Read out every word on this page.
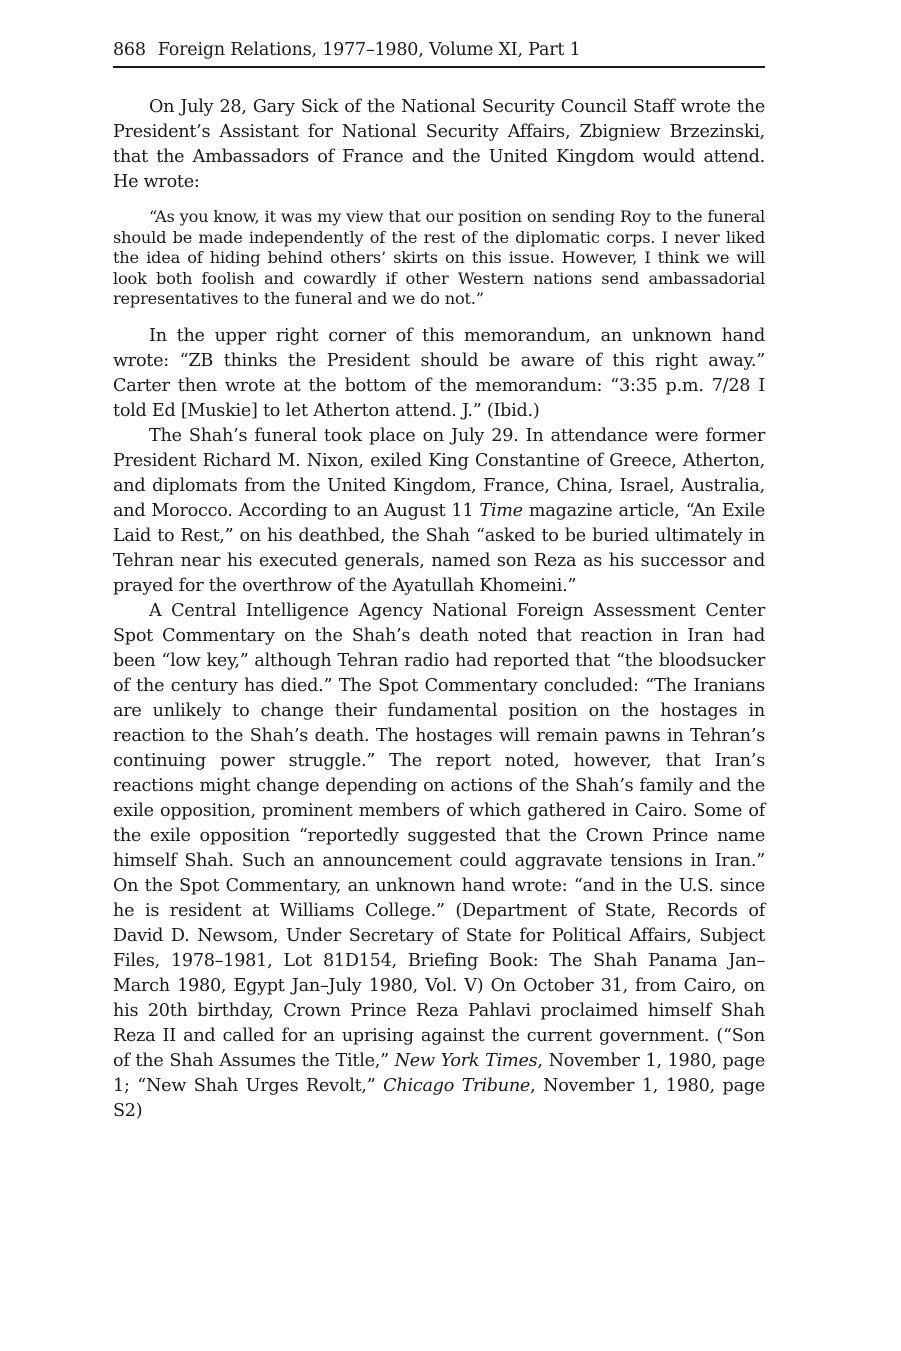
868 Foreign Relations, 1977–1980, Volume XI, Part 1

On July 28, Gary Sick of the National Security Council Staff wrote the President’s Assistant for National Security Affairs, Zbigniew Brzezinski, that the Ambassadors of France and the United Kingdom would attend. He wrote:

“As you know, it was my view that our position on sending Roy to the funeral should be made independently of the rest of the diplomatic corps. I never liked the idea of hiding behind others’ skirts on this issue. However, I think we will look both foolish and cowardly if other Western nations send ambassadorial representatives to the funeral and we do not.”

In the upper right corner of this memorandum, an unknown hand wrote: “ZB thinks the President should be aware of this right away.” Carter then wrote at the bottom of the memorandum: “3:35 p.m. 7/28 I told Ed [Muskie] to let Atherton attend. J.” (Ibid.)

The Shah’s funeral took place on July 29. In attendance were former President Richard M. Nixon, exiled King Constantine of Greece, Atherton, and diplomats from the United Kingdom, France, China, Israel, Australia, and Morocco. According to an August 11 Time magazine article, “An Exile Laid to Rest,” on his deathbed, the Shah “asked to be buried ultimately in Tehran near his executed generals, named son Reza as his successor and prayed for the overthrow of the Ayatullah Khomeini.”

A Central Intelligence Agency National Foreign Assessment Center Spot Commentary on the Shah’s death noted that reaction in Iran had been “low key,” although Tehran radio had reported that “the bloodsucker of the century has died.” The Spot Commentary concluded: “The Iranians are unlikely to change their fundamental position on the hostages in reaction to the Shah’s death. The hostages will remain pawns in Tehran’s continuing power struggle.” The report noted, however, that Iran’s reactions might change depending on actions of the Shah’s family and the exile opposition, prominent members of which gathered in Cairo. Some of the exile opposition “reportedly suggested that the Crown Prince name himself Shah. Such an announcement could aggravate tensions in Iran.” On the Spot Commentary, an unknown hand wrote: “and in the U.S. since he is resident at Williams College.” (Department of State, Records of David D. Newsom, Under Secretary of State for Political Affairs, Subject Files, 1978–1981, Lot 81D154, Briefing Book: The Shah Panama Jan–March 1980, Egypt Jan–July 1980, Vol. V) On October 31, from Cairo, on his 20th birthday, Crown Prince Reza Pahlavi proclaimed himself Shah Reza II and called for an uprising against the current government. (“Son of the Shah Assumes the Title,” New York Times, November 1, 1980, page 1; “New Shah Urges Revolt,” Chicago Tribune, November 1, 1980, page S2)
